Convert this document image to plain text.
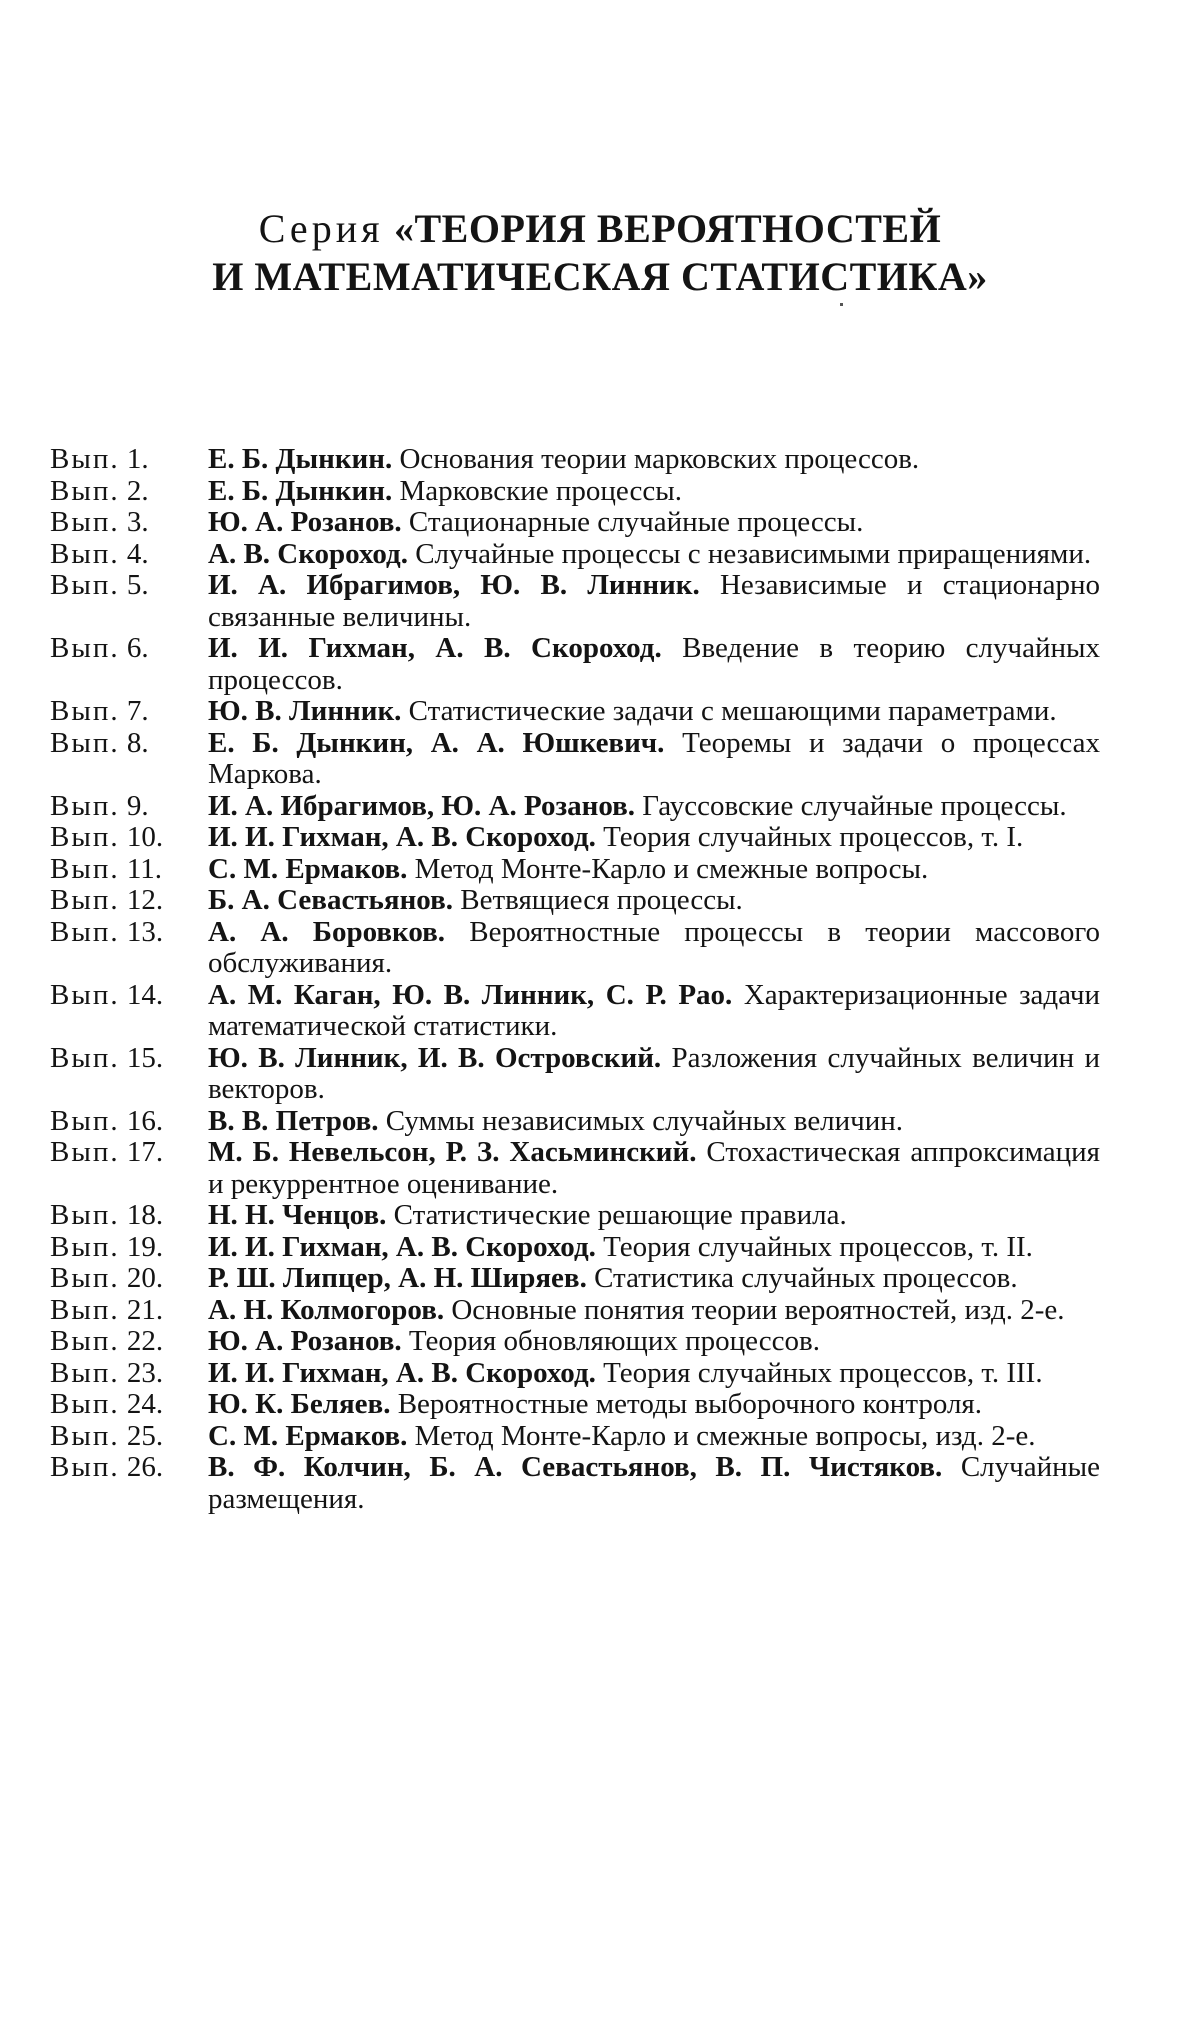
Серия «ТЕОРИЯ ВЕРОЯТНОСТЕЙ
И МАТЕМАТИЧЕСКАЯ СТАТИСТИКА»
Вып. 1.	Е. Б. Дынкин. Основания теории марковских процессов.
Вып. 2.	Е. Б. Дынкин. Марковские процессы.
Вып. 3.	Ю. А. Розанов. Стационарные случайные процессы.
Вып. 4.	А. В. Скороход. Случайные процессы с независимыми приращениями.
Вып. 5.	И. А. Ибрагимов, Ю. В. Линник. Независимые и стационарно связанные величины.
Вып. 6.	И. И. Гихман, А. В. Скороход. Введение в теорию случайных процессов.
Вып. 7.	Ю. В. Линник. Статистические задачи с мешающими параметрами.
Вып. 8.	Е. Б. Дынкин, А. А. Юшкевич. Теоремы и задачи о процессах Маркова.
Вып. 9.	И. А. Ибрагимов, Ю. А. Розанов. Гауссовские случайные процессы.
Вып. 10.	И. И. Гихман, А. В. Скороход. Теория случайных процессов, т. I.
Вып. 11.	С. М. Ермаков. Метод Монте-Карло и смежные вопросы.
Вып. 12.	Б. А. Севастьянов. Ветвящиеся процессы.
Вып. 13.	А. А. Боровков. Вероятностные процессы в теории массового обслуживания.
Вып. 14.	А. М. Каган, Ю. В. Линник, С. Р. Рао. Характеризационные задачи математической статистики.
Вып. 15.	Ю. В. Линник, И. В. Островский. Разложения случайных величин и векторов.
Вып. 16.	В. В. Петров. Суммы независимых случайных величин.
Вып. 17.	М. Б. Невельсон, Р. З. Хасьминский. Стохастическая аппроксимация и рекуррентное оценивание.
Вып. 18.	Н. Н. Ченцов. Статистические решающие правила.
Вып. 19.	И. И. Гихман, А. В. Скороход. Теория случайных процессов, т. II.
Вып. 20.	Р. Ш. Липцер, А. Н. Ширяев. Статистика случайных процессов.
Вып. 21.	А. Н. Колмогоров. Основные понятия теории вероятностей, изд. 2-е.
Вып. 22.	Ю. А. Розанов. Теория обновляющих процессов.
Вып. 23.	И. И. Гихман, А. В. Скороход. Теория случайных процессов, т. III.
Вып. 24.	Ю. К. Беляев. Вероятностные методы выборочного контроля.
Вып. 25.	С. М. Ермаков. Метод Монте-Карло и смежные вопросы, изд. 2-е.
Вып. 26.	В. Ф. Колчин, Б. А. Севастьянов, В. П. Чистяков. Случайные размещения.
